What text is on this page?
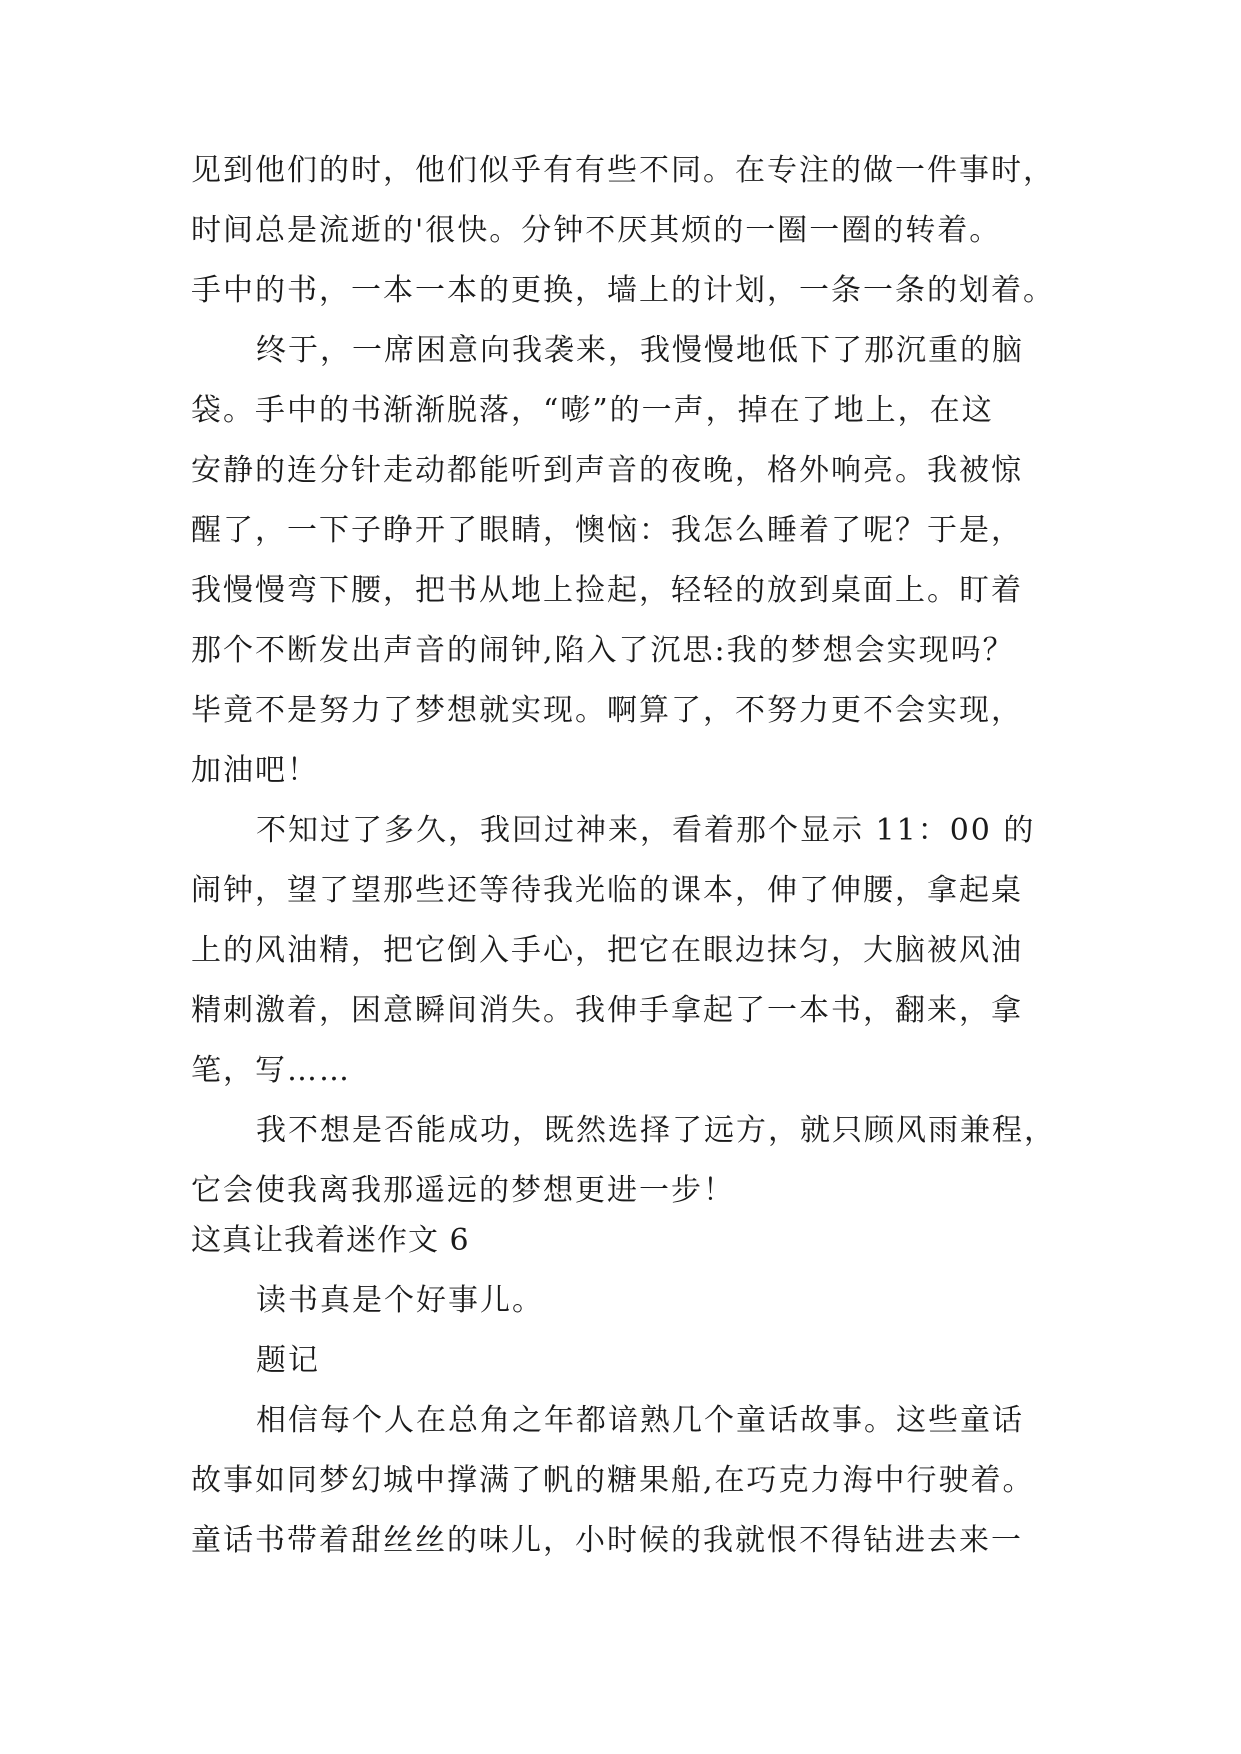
见到他们的时，他们似乎有有些不同。在专注的做一件事时，
时间总是流逝的'很快。分钟不厌其烦的一圈一圈的转着。
手中的书，一本一本的更换，墙上的计划，一条一条的划着。
终于，一席困意向我袭来，我慢慢地低下了那沉重的脑
袋。手中的书渐渐脱落，“嘭”的一声，掉在了地上，在这
安静的连分针走动都能听到声音的夜晚，格外响亮。我被惊
醒了，一下子睁开了眼睛，懊恼：我怎么睡着了呢？于是，
我慢慢弯下腰，把书从地上捡起，轻轻的放到桌面上。盯着
那个不断发出声音的闹钟,陷入了沉思:我的梦想会实现吗？
毕竟不是努力了梦想就实现。啊算了，不努力更不会实现，
加油吧！
不知过了多久，我回过神来，看着那个显示 11：00 的
闹钟，望了望那些还等待我光临的课本，伸了伸腰，拿起桌
上的风油精，把它倒入手心，把它在眼边抹匀，大脑被风油
精刺激着，困意瞬间消失。我伸手拿起了一本书，翻来，拿
笔，写……
我不想是否能成功，既然选择了远方，就只顾风雨兼程，
它会使我离我那遥远的梦想更进一步！
这真让我着迷作文 6
读书真是个好事儿。
题记
相信每个人在总角之年都谙熟几个童话故事。这些童话
故事如同梦幻城中撑满了帆的糖果船,在巧克力海中行驶着。
童话书带着甜丝丝的味儿，小时候的我就恨不得钻进去来一
